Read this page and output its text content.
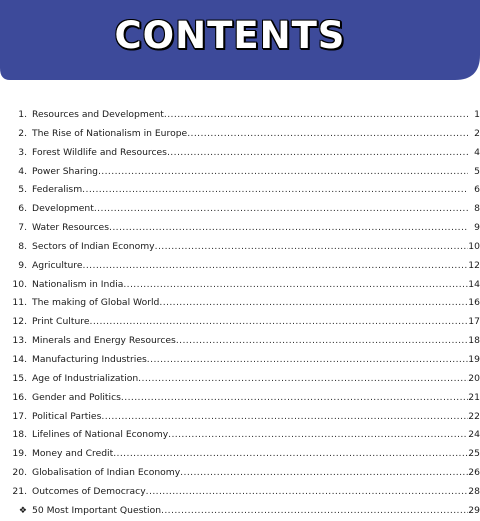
CONTENTS
1. Resources and Development .....	1
2. The Rise of Nationalism in Europe .....	2
3. Forest Wildlife and Resources .....	4
4. Power Sharing .....	5
5. Federalism .....	6
6. Development .....	8
7. Water Resources .....	9
8. Sectors of Indian Economy .....	10
9. Agriculture .....	12
10. Nationalism in India .....	14
11. The making of Global World .....	16
12. Print Culture .....	17
13. Minerals and Energy Resources .....	18
14. Manufacturing Industries .....	19
15. Age of Industrialization .....	20
16. Gender and Politics .....	21
17. Political Parties .....	22
18. Lifelines of National Economy .....	24
19. Money and Credit .....	25
20. Globalisation of Indian Economy .....	26
21. Outcomes of Democracy .....	28
❖ 50 Most Important Question .....	29
